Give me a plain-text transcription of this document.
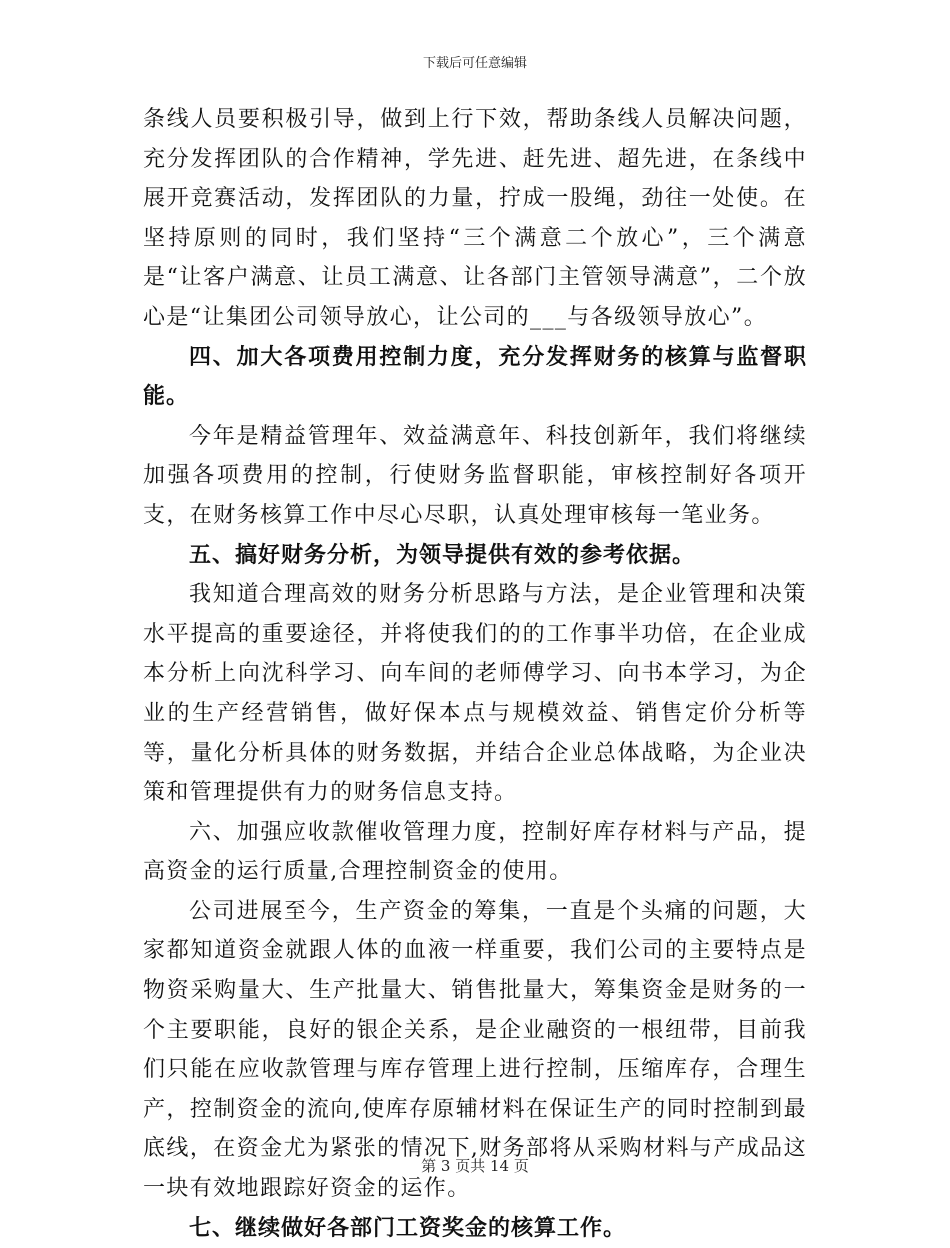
下载后可任意编辑

条线人员要积极引导，做到上行下效，帮助条线人员解决问题，充分发挥团队的合作精神，学先进、赶先进、超先进，在条线中展开竞赛活动，发挥团队的力量，拧成一股绳，劲往一处使。在坚持原则的同时，我们坚持“三个满意二个放心”，三个满意是“让客户满意、让员工满意、让各部门主管领导满意”，二个放心是“让集团公司领导放心，让公司的___与各级领导放心”。

四、加大各项费用控制力度，充分发挥财务的核算与监督职能。

今年是精益管理年、效益满意年、科技创新年，我们将继续加强各项费用的控制，行使财务监督职能，审核控制好各项开支，在财务核算工作中尽心尽职，认真处理审核每一笔业务。

五、搞好财务分析，为领导提供有效的参考依据。

我知道合理高效的财务分析思路与方法，是企业管理和决策水平提高的重要途径，并将使我们的的工作事半功倍，在企业成本分析上向沈科学习、向车间的老师傅学习、向书本学习，为企业的生产经营销售，做好保本点与规模效益、销售定价分析等等，量化分析具体的财务数据，并结合企业总体战略，为企业决策和管理提供有力的财务信息支持。

六、加强应收款催收管理力度，控制好库存材料与产品，提高资金的运行质量,合理控制资金的使用。

公司进展至今，生产资金的筹集，一直是个头痛的问题，大家都知道资金就跟人体的血液一样重要，我们公司的主要特点是物资采购量大、生产批量大、销售批量大，筹集资金是财务的一个主要职能，良好的银企关系，是企业融资的一根纽带，目前我们只能在应收款管理与库存管理上进行控制，压缩库存，合理生产，控制资金的流向,使库存原辅材料在保证生产的同时控制到最底线，在资金尤为紧张的情况下,财务部将从采购材料与产成品这一块有效地跟踪好资金的运作。

七、继续做好各部门工资奖金的核算工作。

第 3 页共 14 页
